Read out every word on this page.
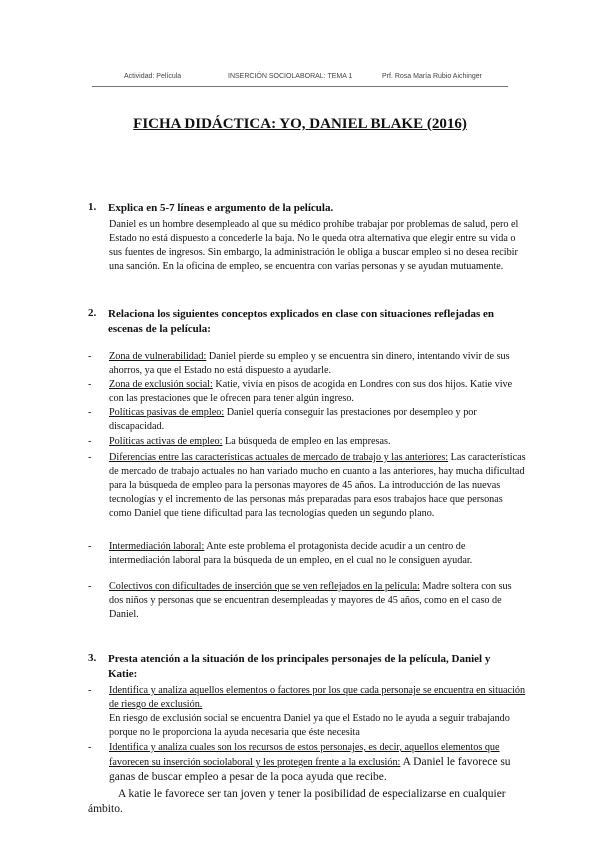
Actividad: Película	INSERCIÓN SOCIOLABORAL: TEMA 1	Prf. Rosa María Rubio Aichinger
FICHA DIDÁCTICA: YO, DANIEL BLAKE (2016)
1.	Explica en 5-7 líneas e argumento de la película.
Daniel es un hombre desempleado al que su médico prohíbe trabajar por problemas de salud, pero el Estado no está dispuesto a concederle la baja. No le queda otra alternativa que elegir entre su vida o sus fuentes de ingresos. Sin embargo, la administración le obliga a buscar empleo si no desea recibir una sanción. En la oficina de empleo, se encuentra con varias personas y se ayudan mutuamente.
2.	Relaciona los siguientes conceptos explicados en clase con situaciones reflejadas en escenas de la película:
-	Zona de vulnerabilidad: Daniel pierde su empleo y se encuentra sin dinero, intentando vivir de sus ahorros, ya que el Estado no está dispuesto a ayudarle.
-	Zona de exclusión social: Katie, vivía en pisos de acogida en Londres con sus dos hijos. Katie vive con las prestaciones que le ofrecen para tener algún ingreso.
-	Políticas pasivas de empleo: Daniel quería conseguir las prestaciones por desempleo y por discapacidad.
-	Políticas activas de empleo: La búsqueda de empleo en las empresas.
-	Diferencias entre las características actuales de mercado de trabajo y las anteriores: Las características de mercado de trabajo actuales no han variado mucho en cuanto a las anteriores, hay mucha dificultad para la búsqueda de empleo para la personas mayores de 45 años. La introducción de las nuevas tecnologías y el incremento de las personas más preparadas para esos trabajos hace que personas como Daniel que tiene dificultad para las tecnologías queden un segundo plano.
-	Intermediación laboral: Ante este problema el protagonista decide acudir a un centro de intermediación laboral para la búsqueda de un empleo, en el cual no le consiguen ayudar.
-	Colectivos con dificultades de inserción que se ven reflejados en la película: Madre soltera con sus dos niños y personas que se encuentran desempleadas y mayores de 45 años, como en el caso de Daniel.
3.	Presta atención a la situación de los principales personajes de la película, Daniel y Katie:
-	Identifica y analiza aquellos elementos o factores por los que cada personaje se encuentra en situación de riesgo de exclusión.
En riesgo de exclusión social se encuentra Daniel ya que el Estado no le ayuda a seguir trabajando porque no le proporciona la ayuda necesaria que éste necesita
-	Identifica y analiza cuales son los recursos de estos personajes, es decir, aquellos elementos que favorecen su inserción sociolaboral y les protegen frente a la exclusión: A Daniel le favorece su ganas de buscar empleo a pesar de la poca ayuda que recibe.
A katie le favorece ser tan joven y tener la posibilidad de especializarse en cualquier ámbito.
